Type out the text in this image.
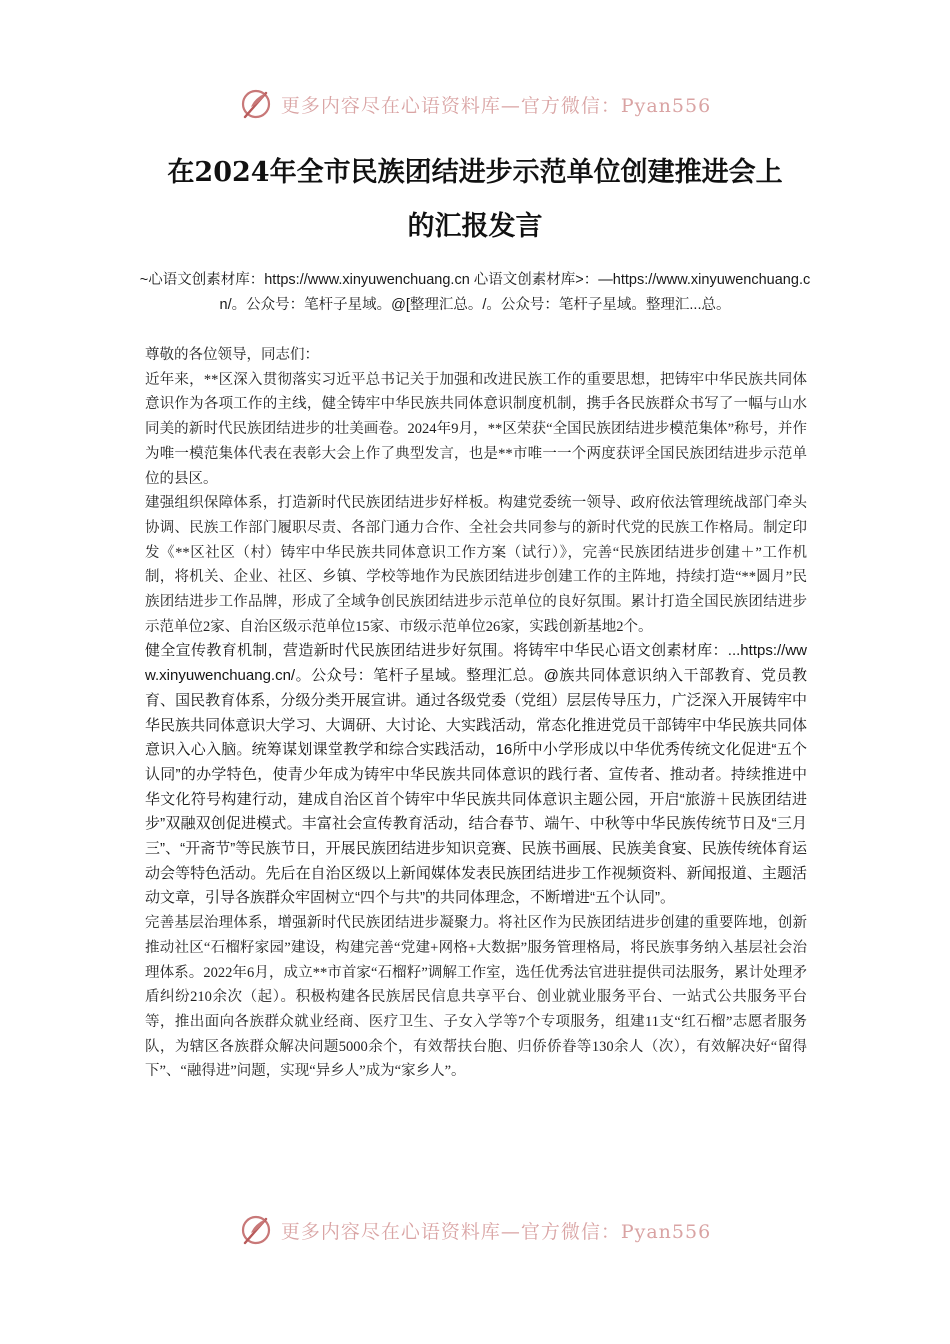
更多内容尽在心语资料库—官方微信：Pyan556
在2024年全市民族团结进步示范单位创建推进会上
的汇报发言

~心语文创素材库：https://www.xinyuwenchuang.cn 心语文创素材库>：—https://www.xinyuwenchuang.cn/。公众号：笔杆子星域。@[整理汇总。/。公众号：笔杆子星域。整理汇...总。

尊敬的各位领导，同志们：

近年来，**区深入贯彻落实习近平总书记关于加强和改进民族工作的重要思想，把铸牢中华民族共同体意识作为各项工作的主线，健全铸牢中华民族共同体意识制度机制，携手各民族群众书写了一幅与山水同美的新时代民族团结进步的壮美画卷。2024年9月，**区荣获“全国民族团结进步模范集体”称号，并作为唯一模范集体代表在表彰大会上作了典型发言，也是**市唯一一个两度获评全国民族团结进步示范单位的县区。

建强组织保障体系，打造新时代民族团结进步好样板。构建党委统一领导、政府依法管理统战部门牵头协调、民族工作部门履职尽责、各部门通力合作、全社会共同参与的新时代党的民族工作格局。制定印发《**区社区（村）铸牢中华民族共同体意识工作方案（试行）》，完善“民族团结进步创建＋”工作机制，将机关、企业、社区、乡镇、学校等地作为民族团结进步创建工作的主阵地，持续打造“**圆月”民族团结进步工作品牌，形成了全域争创民族团结进步示范单位的良好氛围。累计打造全国民族团结进步示范单位2家、自治区级示范单位15家、市级示范单位26家，实践创新基地2个。

健全宣传教育机制，营造新时代民族团结进步好氛围。将铸牢中华民心语文创素材库：...https://www.xinyuwenchuang.cn/。公众号：笔杆子星域。整理汇总。@族共同体意识纳入干部教育、党员教育、国民教育体系，分级分类开展宣讲。通过各级党委（党组）层层传导压力，广泛深入开展铸牢中华民族共同体意识大学习、大调研、大讨论、大实践活动，常态化推进党员干部铸牢中华民族共同体意识入心入脑。统筹谋划课堂教学和综合实践活动，16所中小学形成以中华优秀传统文化促进“五个认同”的办学特色，使青少年成为铸牢中华民族共同体意识的践行者、宣传者、推动者。持续推进中华文化符号构建行动，建成自治区首个铸牢中华民族共同体意识主题公园，开启“旅游＋民族团结进步”双融双创促进模式。丰富社会宣传教育活动，结合春节、端午、中秋等中华民族传统节日及“三月三”、“开斋节”等民族节日，开展民族团结进步知识竞赛、民族书画展、民族美食宴、民族传统体育运动会等特色活动。先后在自治区级以上新闻媒体发表民族团结进步工作视频资料、新闻报道、主题活动文章，引导各族群众牢固树立“四个与共”的共同体理念，不断增进“五个认同”。

完善基层治理体系，增强新时代民族团结进步凝聚力。将社区作为民族团结进步创建的重要阵地，创新推动社区“石榴籽家园”建设，构建完善“党建+网格+大数据”服务管理格局，将民族事务纳入基层社会治理体系。2022年6月，成立**市首家“石榴籽”调解工作室，选任优秀法官进驻提供司法服务，累计处理矛盾纠纷210余次（起）。积极构建各民族居民信息共享平台、创业就业服务平台、一站式公共服务平台等，推出面向各族群众就业经商、医疗卫生、子女入学等7个专项服务，组建11支“红石榴”志愿者服务队，为辖区各族群众解决问题5000余个，有效帮扶台胞、归侨侨眷等130余人（次），有效解决好“留得下”、“融得进”问题，实现“异乡人”成为“家乡人”。

更多内容尽在心语资料库—官方微信：Pyan556
